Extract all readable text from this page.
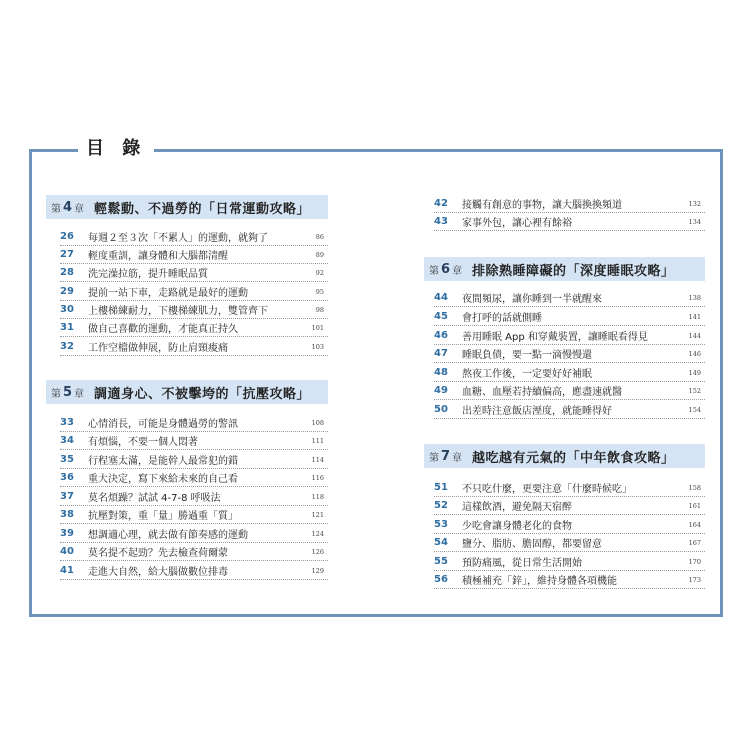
目 錄
第 4 章 輕鬆動、不過勞的「日常運動攻略」
26	每週２至３次「不累人」的運動，就夠了	86
27	輕度重訓，讓身體和大腦都清醒	89
28	洗完澡拉筋，提升睡眠品質	92
29	提前一站下車，走路就是最好的運動	95
30	上樓梯練耐力，下樓梯練肌力，雙管齊下	98
31	做自己喜歡的運動，才能真正持久	101
32	工作空檔做伸展，防止肩頸痠痛	103
第 5 章 調適身心、不被擊垮的「抗壓攻略」
33	心情消長，可能是身體過勞的警訊	108
34	有煩惱，不要一個人悶著	111
35	行程塞太滿，是能幹人最常犯的錯	114
36	重大決定，寫下來給未來的自己看	116
37	莫名煩躁？試試 4-7-8 呼吸法	118
38	抗壓對策，重「量」勝過重「質」	121
39	想調適心理，就去做有節奏感的運動	124
40	莫名提不起勁？先去檢查荷爾蒙	126
41	走進大自然，給大腦做數位排毒	129
42	接觸有創意的事物，讓大腦換換頻道	132
43	家事外包，讓心裡有餘裕	134
第 6 章 排除熟睡障礙的「深度睡眠攻略」
44	夜間頻尿，讓你睡到一半就醒來	138
45	會打呼的話就側睡	141
46	善用睡眠 App 和穿戴裝置，讓睡眠看得見	144
47	睡眠負債，要一點一滴慢慢還	146
48	熬夜工作後，一定要好好補眠	149
49	血糖、血壓若持續偏高，應盡速就醫	152
50	出差時注意飯店溼度，就能睡得好	154
第 7 章 越吃越有元氣的「中年飲食攻略」
51	不只吃什麼，更要注意「什麼時候吃」	158
52	這樣飲酒，避免隔天宿醉	161
53	少吃會讓身體老化的食物	164
54	鹽分、脂肪、膽固醇，都要留意	167
55	預防痛風，從日常生活開始	170
56	積極補充「鋅」，維持身體各項機能	173
